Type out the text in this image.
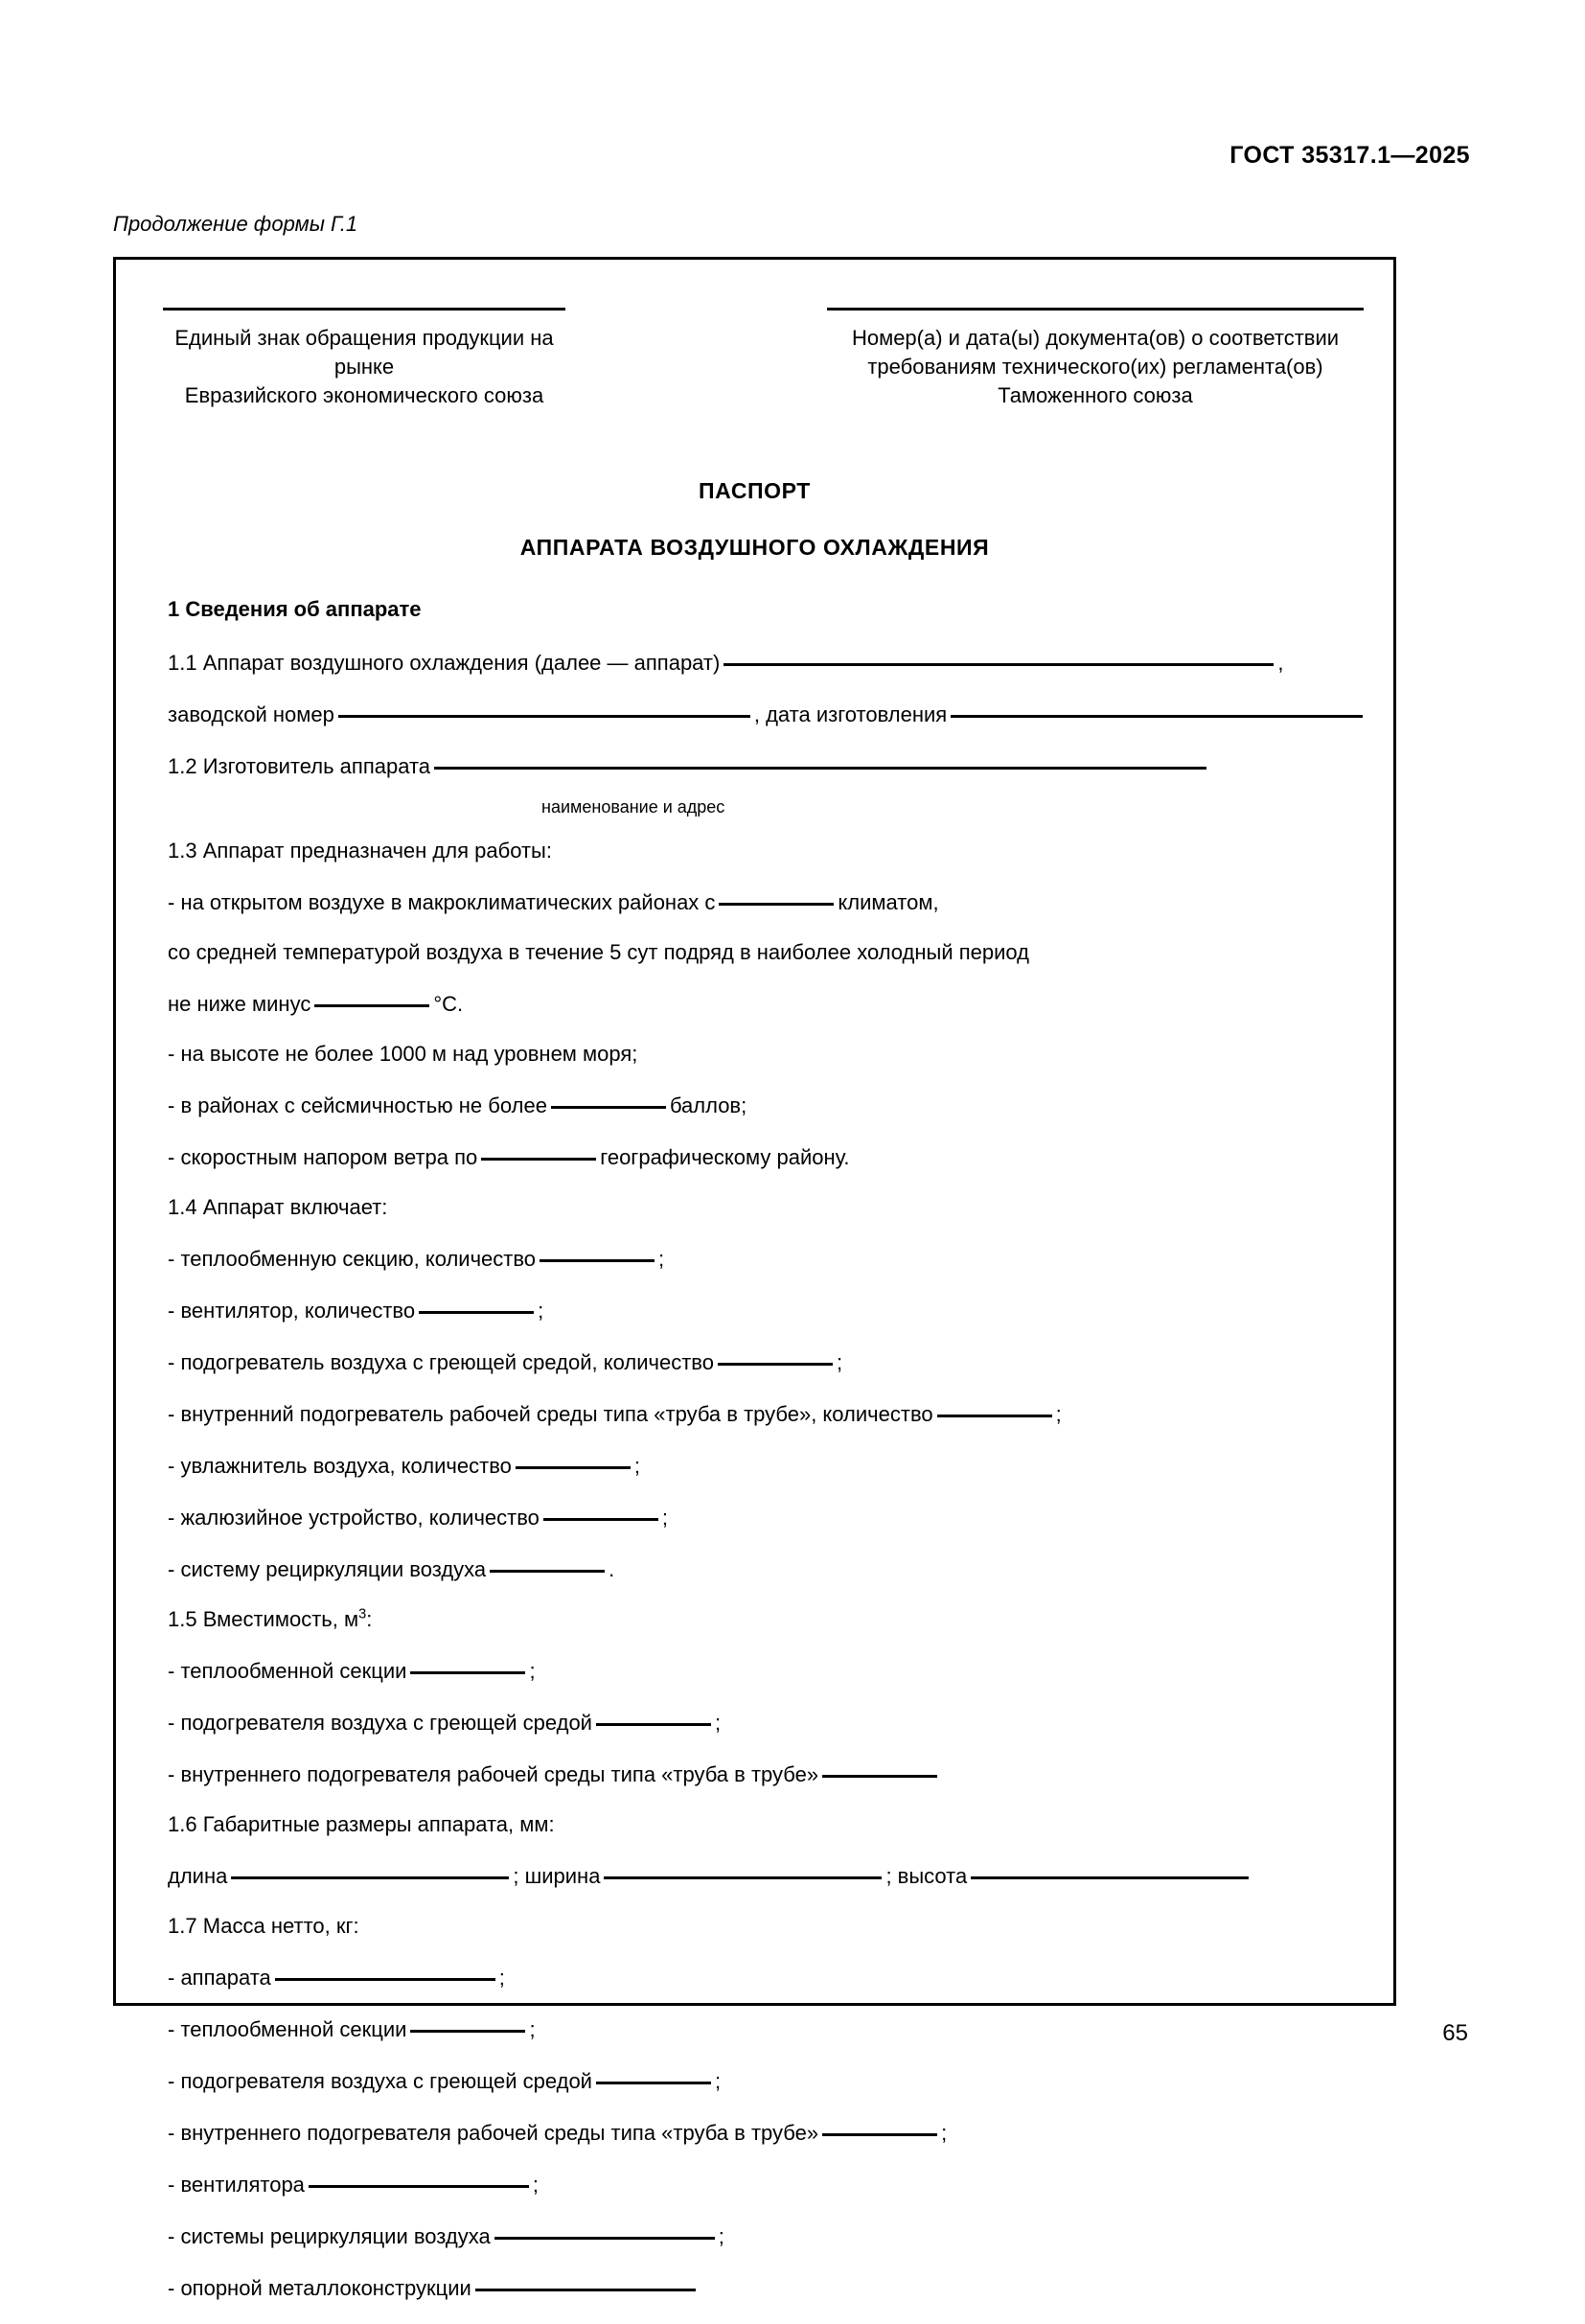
ГОСТ 35317.1—2025
Продолжение формы Г.1
Единый знак обращения продукции на рынке
Евразийского экономического союза
Номер(а) и дата(ы) документа(ов) о соответствии
требованиям технического(их) регламента(ов)
Таможенного союза
ПАСПОРТ
АППАРАТА ВОЗДУШНОГО ОХЛАЖДЕНИЯ
1 Сведения об аппарате
1.1 Аппарат воздушного охлаждения (далее — аппарат)	,
заводской номер	, дата изготовления
1.2 Изготовитель аппарата
наименование и адрес
1.3 Аппарат предназначен для работы:
- на открытом воздухе в макроклиматических районах с	климатом,
со средней температурой воздуха в течение 5 сут подряд в наиболее холодный период
не ниже минус	°C.
- на высоте не более 1000 м над уровнем моря;
- в районах с сейсмичностью не более	баллов;
- скоростным напором ветра по	географическому району.
1.4 Аппарат включает:
- теплообменную секцию, количество	;
- вентилятор, количество	;
- подогреватель воздуха с греющей средой, количество	;
- внутренний подогреватель рабочей среды типа «труба в трубе», количество	;
- увлажнитель воздуха, количество	;
- жалюзийное устройство, количество	;
- систему рециркуляции воздуха	.
1.5 Вместимость, $м^3$:
- теплообменной секции	;
- подогревателя воздуха с греющей средой	;
- внутреннего подогревателя рабочей среды типа «труба в трубе»
1.6 Габаритные размеры аппарата, мм:
длина	; ширина	; высота
1.7 Масса нетто, кг:
- аппарата	;
- теплообменной секции	;
- подогревателя воздуха с греющей средой	;
- внутреннего подогревателя рабочей среды типа «труба в трубе»	;
- вентилятора	;
- системы рециркуляции воздуха	;
- опорной металлоконструкции
65
